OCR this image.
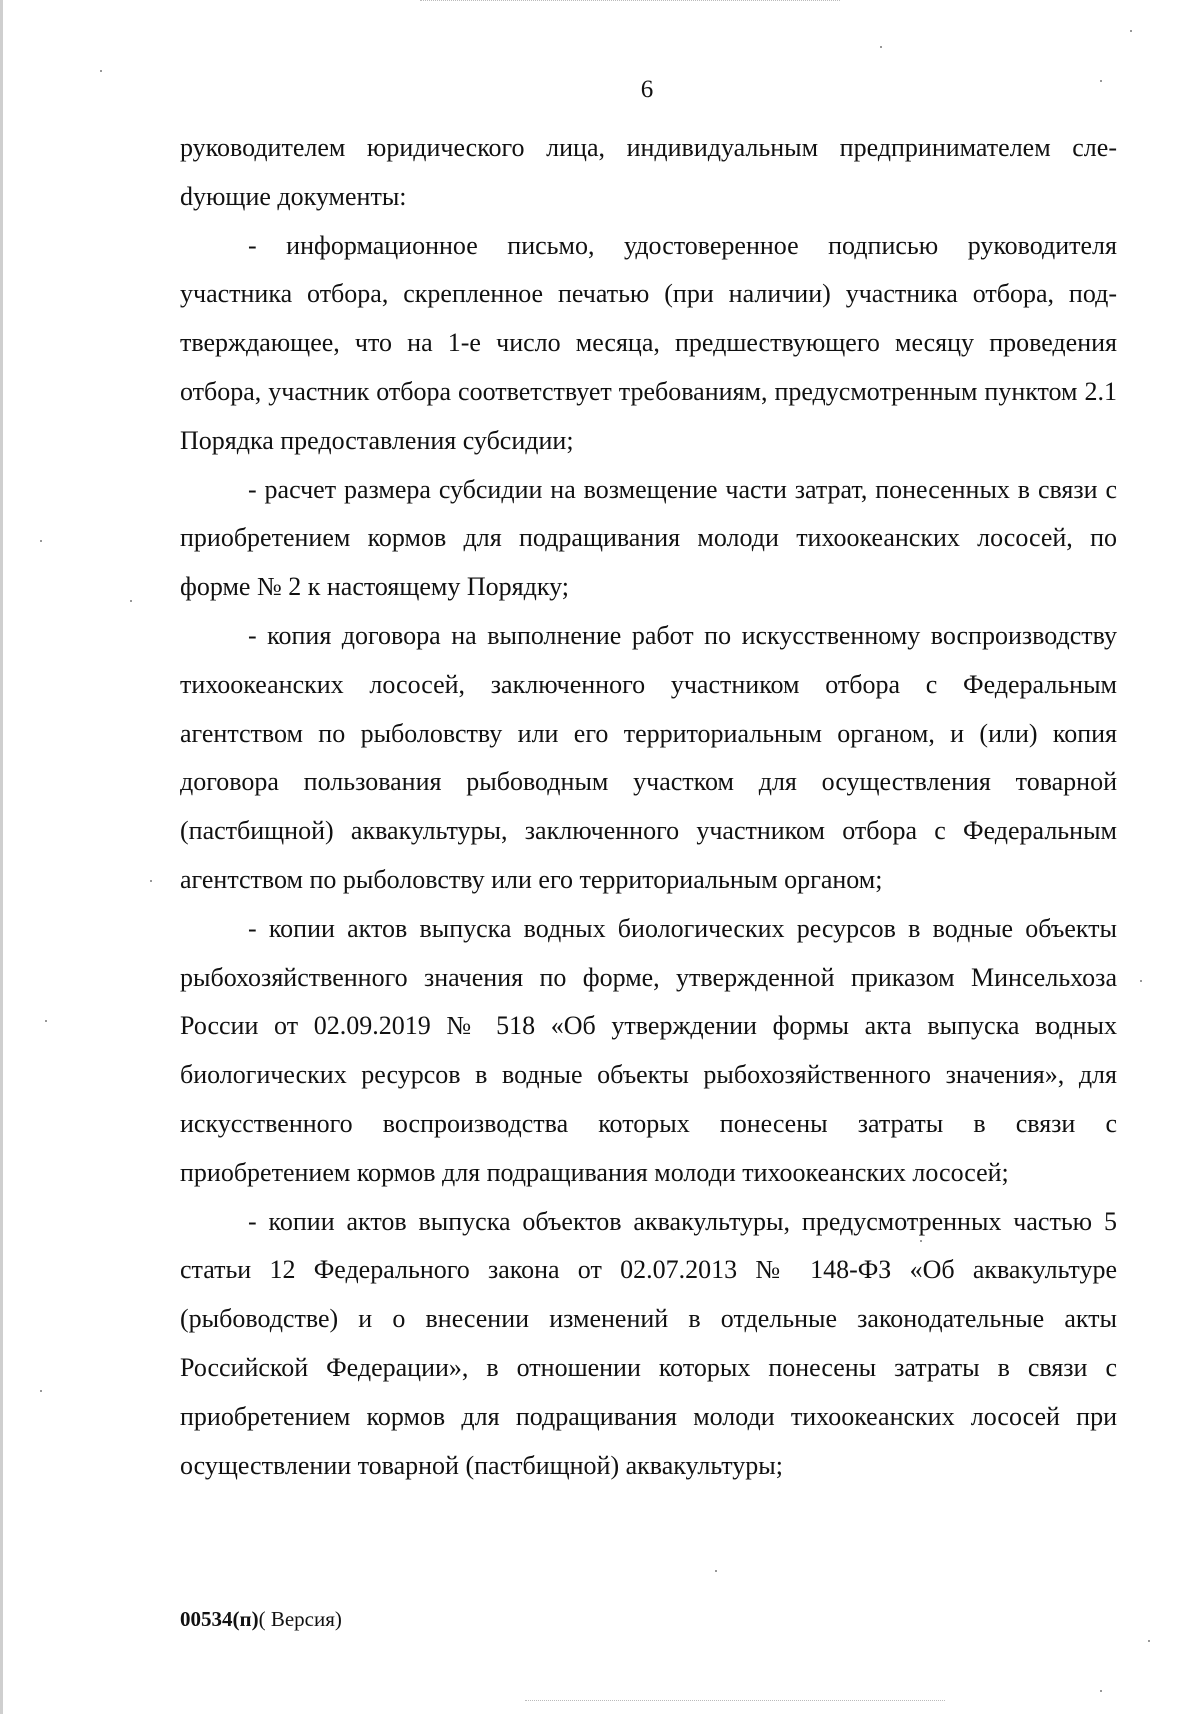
6

руководителем юридического лица, индивидуальным предпринимателем слеdующие документы:

- информационное письмо, удостоверенное подписью руководителя участника отбора, скрепленное печатью (при наличии) участника отбора, подтверждающее, что на 1-е число месяца, предшествующего месяцу проведения отбора, участник отбора соответствует требованиям, предусмотренным пунктом 2.1 Порядка предоставления субсидии;

- расчет размера субсидии на возмещение части затрат, понесенных в связи с приобретением кормов для подращивания молоди тихоокеанских лососей, по форме № 2 к настоящему Порядку;

- копия договора на выполнение работ по искусственному воспроизводству тихоокеанских лососей, заключенного участником отбора с Федеральным агентством по рыболовству или его территориальным органом, и (или) копия договора пользования рыбоводным участком для осуществления товарной (пастбищной) аквакультуры, заключенного участником отбора с Федеральным агентством по рыболовству или его территориальным органом;

- копии актов выпуска водных биологических ресурсов в водные объекты рыбохозяйственного значения по форме, утвержденной приказом Минсельхоза России от 02.09.2019 № 518 «Об утверждении формы акта выпуска водных биологических ресурсов в водные объекты рыбохозяйственного значения», для искусственного воспроизводства которых понесены затраты в связи с приобретением кормов для подращивания молоди тихоокеанских лососей;

- копии актов выпуска объектов аквакультуры, предусмотренных частью 5 статьи 12 Федерального закона от 02.07.2013 № 148-ФЗ «Об аквакультуре (рыбоводстве) и о внесении изменений в отдельные законодательные акты Российской Федерации», в отношении которых понесены затраты в связи с приобретением кормов для подращивания молоди тихоокеанских лососей при осуществлении товарной (пастбищной) аквакультуры;

00534(п)( Версия)
